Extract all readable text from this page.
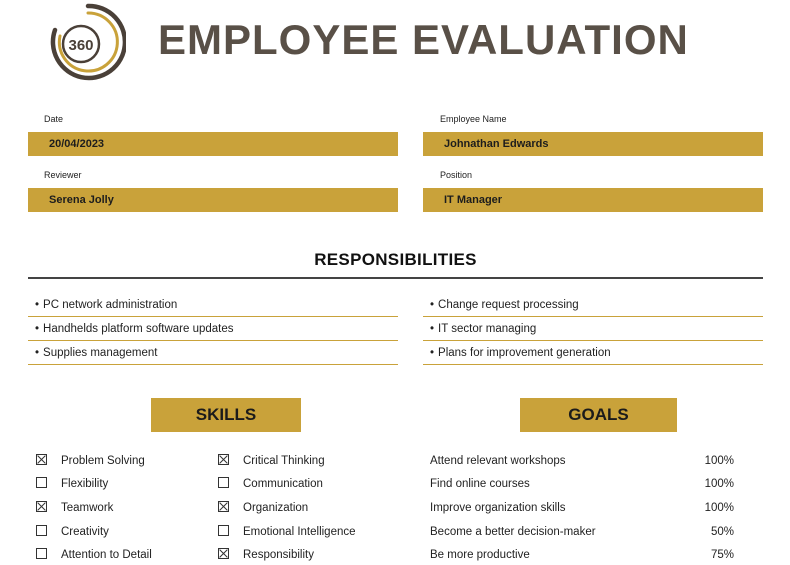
360 EMPLOYEE EVALUATION
Date
20/04/2023
Employee Name
Johnathan Edwards
Reviewer
Serena Jolly
Position
IT Manager
RESPONSIBILITIES
• PC network administration
• Handhelds platform software updates
• Supplies management
• Change request processing
• IT sector managing
• Plans for improvement generation
SKILLS	GOALS
Problem Solving	Critical Thinking
Flexibility	Communication
Teamwork	Organization
Creativity	Emotional Intelligence
Attention to Detail	Responsibility
Attend relevant workshops	100%
Find online courses	100%
Improve organization skills	100%
Become a better decision-maker	50%
Be more productive	75%
